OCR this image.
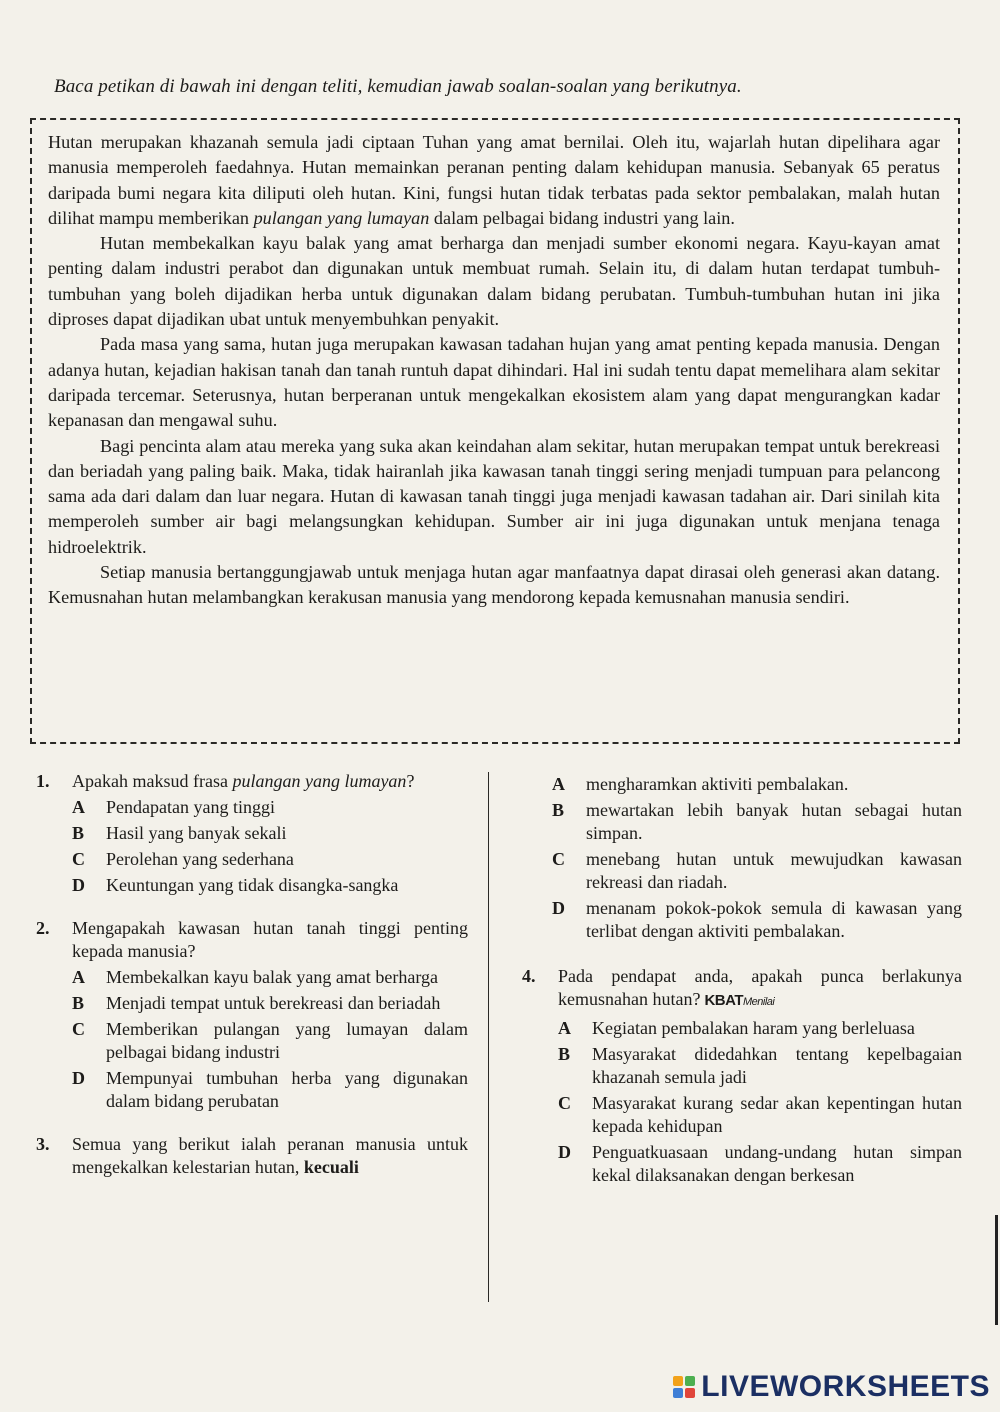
Baca petikan di bawah ini dengan teliti, kemudian jawab soalan-soalan yang berikutnya.

Hutan merupakan khazanah semula jadi ciptaan Tuhan yang amat bernilai. Oleh itu, wajarlah hutan dipelihara agar manusia memperoleh faedahnya. Hutan memainkan peranan penting dalam kehidupan manusia. Sebanyak 65 peratus daripada bumi negara kita diliputi oleh hutan. Kini, fungsi hutan tidak terbatas pada sektor pembalakan, malah hutan dilihat mampu memberikan pulangan yang lumayan dalam pelbagai bidang industri yang lain.

Hutan membekalkan kayu balak yang amat berharga dan menjadi sumber ekonomi negara. Kayu-kayan amat penting dalam industri perabot dan digunakan untuk membuat rumah. Selain itu, di dalam hutan terdapat tumbuh-tumbuhan yang boleh dijadikan herba untuk digunakan dalam bidang perubatan. Tumbuh-tumbuhan hutan ini jika diproses dapat dijadikan ubat untuk menyembuhkan penyakit.

Pada masa yang sama, hutan juga merupakan kawasan tadahan hujan yang amat penting kepada manusia. Dengan adanya hutan, kejadian hakisan tanah dan tanah runtuh dapat dihindari. Hal ini sudah tentu dapat memelihara alam sekitar daripada tercemar. Seterusnya, hutan berperanan untuk mengekalkan ekosistem alam yang dapat mengurangkan kadar kepanasan dan mengawal suhu.

Bagi pencinta alam atau mereka yang suka akan keindahan alam sekitar, hutan merupakan tempat untuk berekreasi dan beriadah yang paling baik. Maka, tidak hairanlah jika kawasan tanah tinggi sering menjadi tumpuan para pelancong sama ada dari dalam dan luar negara. Hutan di kawasan tanah tinggi juga menjadi kawasan tadahan air. Dari sinilah kita memperoleh sumber air bagi melangsungkan kehidupan. Sumber air ini juga digunakan untuk menjana tenaga hidroelektrik.

Setiap manusia bertanggungjawab untuk menjaga hutan agar manfaatnya dapat dirasai oleh generasi akan datang. Kemusnahan hutan melambangkan kerakusan manusia yang mendorong kepada kemusnahan manusia sendiri.

1.	Apakah maksud frasa pulangan yang lumayan?
A	Pendapatan yang tinggi
B	Hasil yang banyak sekali
C	Perolehan yang sederhana
D	Keuntungan yang tidak disangka-sangka
2.	Mengapakah kawasan hutan tanah tinggi penting kepada manusia?
A	Membekalkan kayu balak yang amat berharga
B	Menjadi tempat untuk berekreasi dan beriadah
C	Memberikan pulangan yang lumayan dalam pelbagai bidang industri
D	Mempunyai tumbuhan herba yang digunakan dalam bidang perubatan
3.	Semua yang berikut ialah peranan manusia untuk mengekalkan kelestarian hutan, kecuali
A	mengharamkan aktiviti pembalakan.
B	mewartakan lebih banyak hutan sebagai hutan simpan.
C	menebang hutan untuk mewujudkan kawasan rekreasi dan riadah.
D	menanam pokok-pokok semula di kawasan yang terlibat dengan aktiviti pembalakan.
4.	Pada pendapat anda, apakah punca berlakunya kemusnahan hutan? KBATMenilai
A	Kegiatan pembalakan haram yang berleluasa
B	Masyarakat didedahkan tentang kepelbagaian khazanah semula jadi
C	Masyarakat kurang sedar akan kepentingan hutan kepada kehidupan
D	Penguatkuasaan undang-undang hutan simpan kekal dilaksanakan dengan berkesan
LIVEWORKSHEETS
